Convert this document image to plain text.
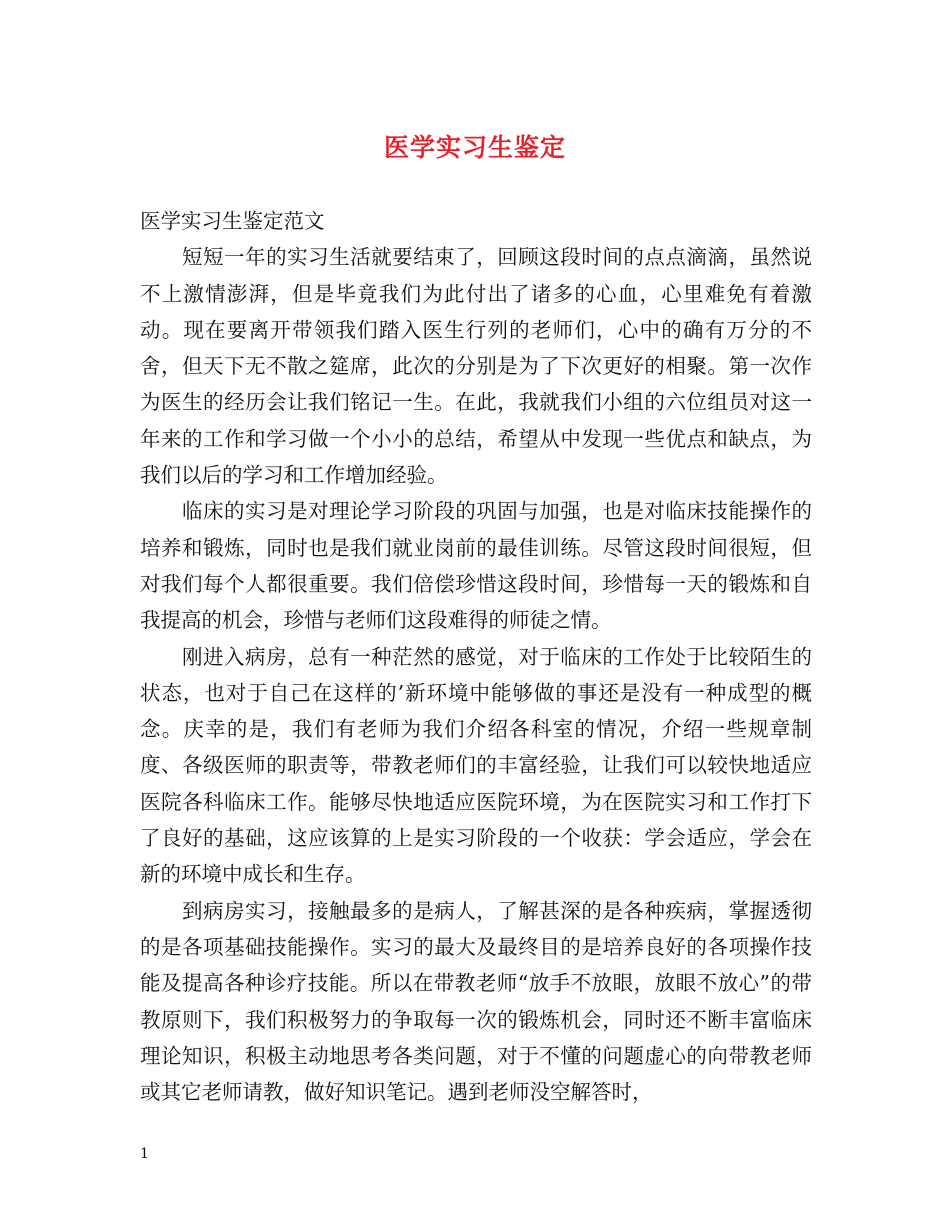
医学实习生鉴定

医学实习生鉴定范文

短短一年的实习生活就要结束了，回顾这段时间的点点滴滴，虽然说不上激情澎湃，但是毕竟我们为此付出了诸多的心血，心里难免有着激动。现在要离开带领我们踏入医生行列的老师们，心中的确有万分的不舍，但天下无不散之筵席，此次的分别是为了下次更好的相聚。第一次作为医生的经历会让我们铭记一生。在此，我就我们小组的六位组员对这一年来的工作和学习做一个小小的总结，希望从中发现一些优点和缺点，为我们以后的学习和工作增加经验。

临床的实习是对理论学习阶段的巩固与加强，也是对临床技能操作的培养和锻炼，同时也是我们就业岗前的最佳训练。尽管这段时间很短，但对我们每个人都很重要。我们倍偿珍惜这段时间，珍惜每一天的锻炼和自我提高的机会，珍惜与老师们这段难得的师徒之情。

刚进入病房，总有一种茫然的感觉，对于临床的工作处于比较陌生的状态，也对于自己在这样的’新环境中能够做的事还是没有一种成型的概念。庆幸的是，我们有老师为我们介绍各科室的情况，介绍一些规章制度、各级医师的职责等，带教老师们的丰富经验，让我们可以较快地适应医院各科临床工作。能够尽快地适应医院环境，为在医院实习和工作打下了良好的基础，这应该算的上是实习阶段的一个收获：学会适应，学会在新的环境中成长和生存。

到病房实习，接触最多的是病人，了解甚深的是各种疾病，掌握透彻的是各项基础技能操作。实习的最大及最终目的是培养良好的各项操作技能及提高各种诊疗技能。所以在带教老师“放手不放眼，放眼不放心”的带教原则下，我们积极努力的争取每一次的锻炼机会，同时还不断丰富临床理论知识，积极主动地思考各类问题，对于不懂的问题虚心的向带教老师或其它老师请教，做好知识笔记。遇到老师没空解答时，

1
